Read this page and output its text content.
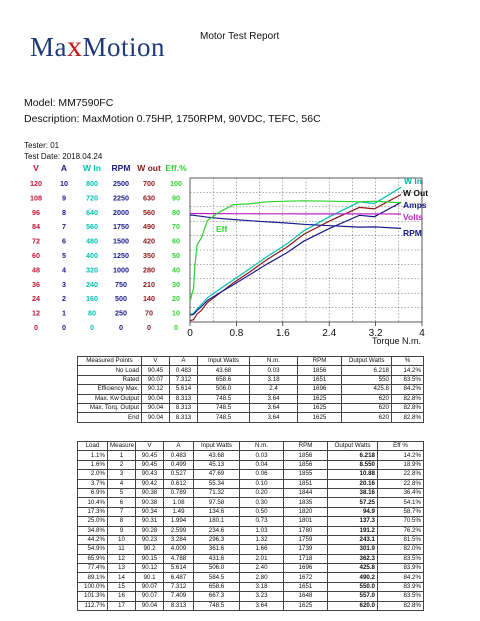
MaxMotion	Motor Test Report
Model: MM7590FC
Description: MaxMotion 0.75HP, 1750RPM, 90VDC, TEFC, 56C
Tester: 01
Test Date: 2018.04.24
V
120
108
96
84
72
60
48
36
24
12
0
A
10
9
8
7
6
5
4
3
2
1
0
W In
800
720
640
560
480
400
320
240
160
80
0
RPM
2500
2250
2000
1750
1500
1250
1000
750
500
250
0
W out
700
630
560
490
420
350
280
210
140
70
0
Eff.%
100
90
80
70
60
50
40
30
20
10
0
W In
W Out
Amps
Volts
RPM
Eff
0	0.8	1.6	2.4	3.2	4
Torque N.m.
Measured Points	V	A	Input Watts	N.m.	RPM	Output Watts	%
No Load	90.45	0.483	43.68	0.03	1856	6.218	14.2%
Rated	90.07	7.312	658.6	3.18	1651	550	83.5%
Efficiency Max.	90.12	5.614	506.0	2.4	1696	425.8	84.2%
Max. Kw Output	90.04	8.313	748.5	3.64	1625	620	82.8%
Max. Torq. Output	90.04	8.313	748.5	3.64	1625	620	82.8%
End	90.04	8.313	748.5	3.64	1625	620	82.8%
Load	Measure	V	A	Input Watts	N.m.	RPM	Output Watts	Eff %
1.1%	1	90.45	0.483	43.68	0.03	1856	6.218	14.2%
1.6%	2	90.45	0.499	45.13	0.04	1856	8.550	18.9%
2.0%	3	90.43	0.527	47.69	0.06	1855	10.88	22.8%
3.7%	4	90.42	0.612	55.34	0.10	1851	20.16	22.8%
6.9%	5	90.38	0.789	71.32	0.20	1844	38.16	36.4%
10.4%	6	90.38	1.08	97.58	0.30	1835	57.25	54.1%
17.3%	7	90.34	1.49	134.6	0.50	1820	94.9	58.7%
25.0%	8	90.31	1.994	180.1	0.73	1801	137.3	70.5%
34.8%	9	90.28	2.599	234.6	1.03	1780	191.2	76.2%
44.2%	10	90.23	3.284	296.3	1.32	1759	243.1	81.5%
54.9%	11	90.2	4.009	361.6	1.66	1739	301.9	82.0%
65.9%	12	90.15	4.788	431.6	2.01	1718	362.3	83.5%
77.4%	13	90.12	5.614	506.0	2.40	1696	425.8	83.9%
89.1%	14	90.1	6.487	584.5	2.80	1672	490.2	84.2%
100.0%	15	90.07	7.312	658.6	3.18	1651	550.0	83.9%
101.3%	16	90.07	7.409	667.3	3.23	1648	557.0	83.5%
112.7%	17	90.04	8.313	748.5	3.64	1625	620.0	82.8%
